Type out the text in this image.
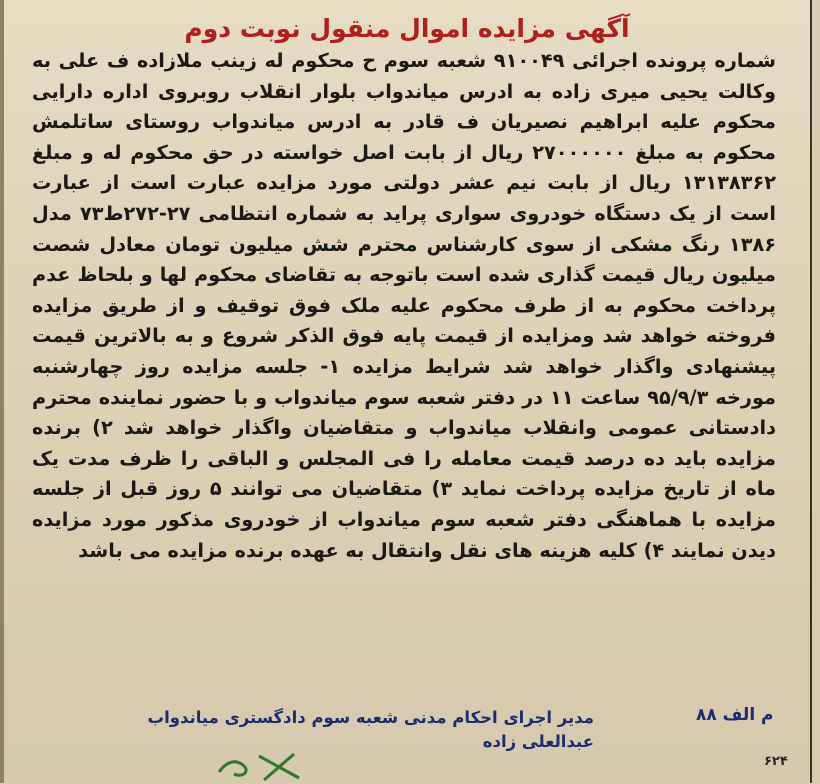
آگهی مزایده اموال منقول نوبت دوم
شماره پرونده اجرائی ۹۱۰۰۴۹ شعبه سوم ح محکوم له زینب ملازاده ف علی به وکالت یحیی میری زاده به ادرس میاندواب بلوار انقلاب روبروی اداره دارایی محکوم علیه ابراهیم نصیریان ف قادر به ادرس میاندواب روستای ساتلمش محکوم به مبلغ ۲۷۰۰۰۰۰۰ ریال از بابت اصل خواسته در حق محکوم له و مبلغ ۱۳۱۳۸۳۶۲ ریال از بابت نیم عشر دولتی مورد مزایده عبارت است از عبارت است از یک دستگاه خودروی سواری پراید به شماره انتظامی ۲۷-۲۷۲ط۷۳ مدل ۱۳۸۶ رنگ مشکی از سوی کارشناس محترم شش میلیون تومان معادل شصت میلیون ریال قیمت گذاری شده است باتوجه به تقاضای محکوم لها و بلحاظ عدم پرداخت محکوم به از طرف محکوم علیه ملک فوق توقیف و از طریق مزایده فروخته خواهد شد ومزایده از قیمت پایه فوق الذکر شروع و به بالاترین قیمت پیشنهادی واگذار خواهد شد شرایط مزایده ۱- جلسه مزایده روز چهارشنبه مورخه ۹۵/۹/۳ ساعت ۱۱ در دفتر شعبه سوم میاندواب و با حضور نماینده محترم دادستانی عمومی وانقلاب میاندواب و متقاضیان واگذار خواهد شد ۲) برنده مزایده باید ده درصد قیمت معامله را فی المجلس و الباقی را ظرف مدت یک ماه از تاریخ مزایده پرداخت نماید ۳) متقاضیان می توانند ۵ روز قبل از جلسه مزایده با هماهنگی دفتر شعبه سوم میاندواب از خودروی مذکور مورد مزایده دیدن نمایند ۴) کلیه هزینه های نقل وانتقال به عهده برنده مزایده می باشد
م الف ۸۸
مدیر اجرای احکام مدنی شعبه سوم دادگستری میاندواب
عبدالعلی زاده
۶۲۴
